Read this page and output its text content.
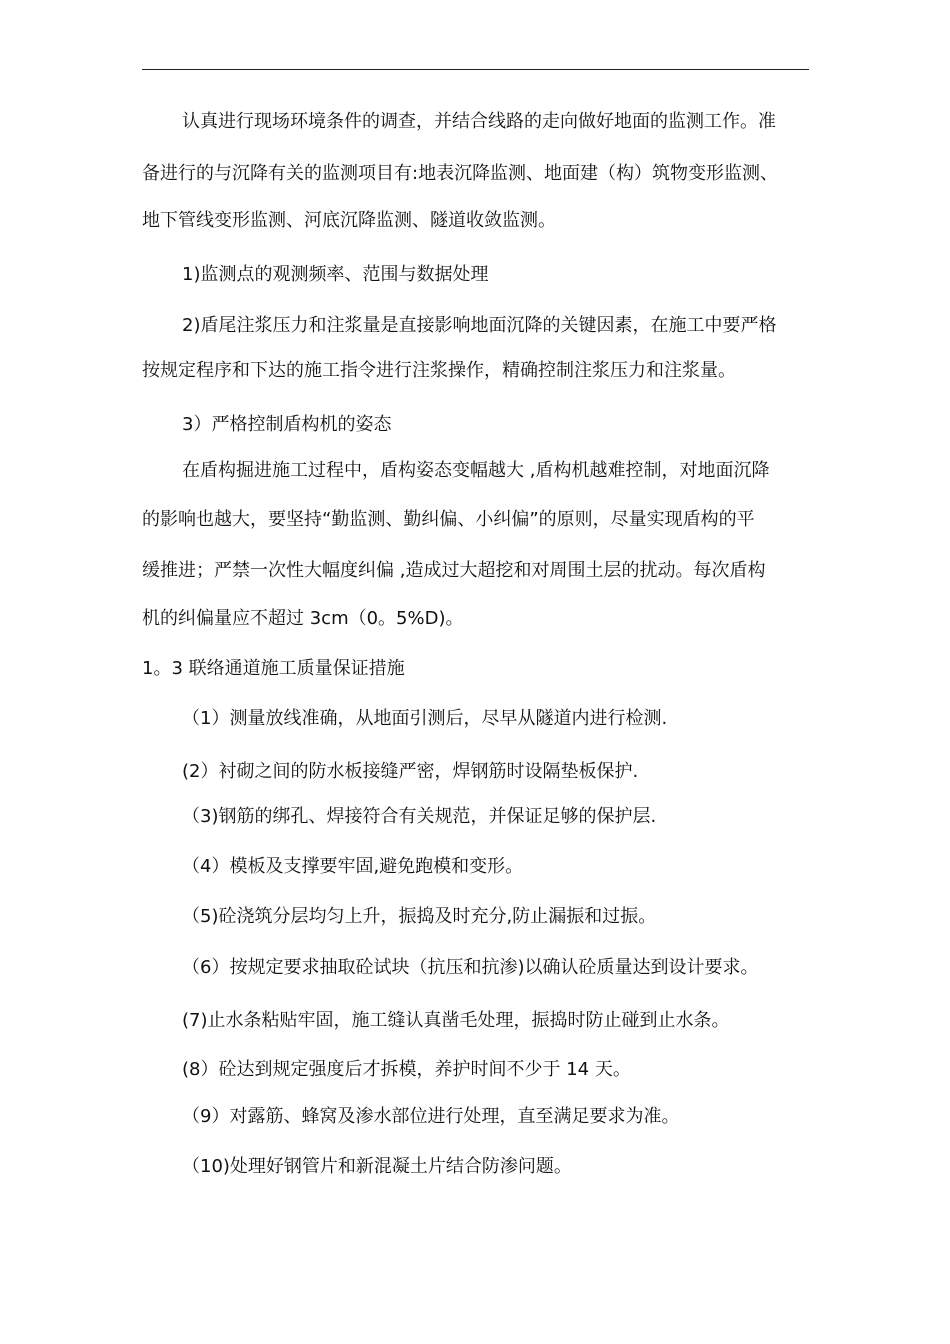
认真进行现场环境条件的调查，并结合线路的走向做好地面的监测工作。准
备进行的与沉降有关的监测项目有:地表沉降监测、地面建（构）筑物变形监测、
地下管线变形监测、河底沉降监测、隧道收敛监测。
1)监测点的观测频率、范围与数据处理
2)盾尾注浆压力和注浆量是直接影响地面沉降的关键因素，在施工中要严格
按规定程序和下达的施工指令进行注浆操作，精确控制注浆压力和注浆量。
3）严格控制盾构机的姿态
在盾构掘进施工过程中，盾构姿态变幅越大 ,盾构机越难控制，对地面沉降
的影响也越大，要坚持“勤监测、勤纠偏、小纠偏”的原则，尽量实现盾构的平
缓推进；严禁一次性大幅度纠偏 ,造成过大超挖和对周围土层的扰动。每次盾构
机的纠偏量应不超过 3cm（0。5%D)。
1。3 联络通道施工质量保证措施
（1）测量放线准确，从地面引测后，尽早从隧道内进行检测.
(2）衬砌之间的防水板接缝严密，焊钢筋时设隔垫板保护.
（3)钢筋的绑孔、焊接符合有关规范，并保证足够的保护层.
（4）模板及支撑要牢固,避免跑模和变形。
（5)砼浇筑分层均匀上升，振捣及时充分,防止漏振和过振。
（6）按规定要求抽取砼试块（抗压和抗渗)以确认砼质量达到设计要求。
(7)止水条粘贴牢固，施工缝认真凿毛处理，振捣时防止碰到止水条。
(8）砼达到规定强度后才拆模，养护时间不少于 14 天。
（9）对露筋、蜂窝及渗水部位进行处理，直至满足要求为准。
（10)处理好钢管片和新混凝土片结合防渗问题。
